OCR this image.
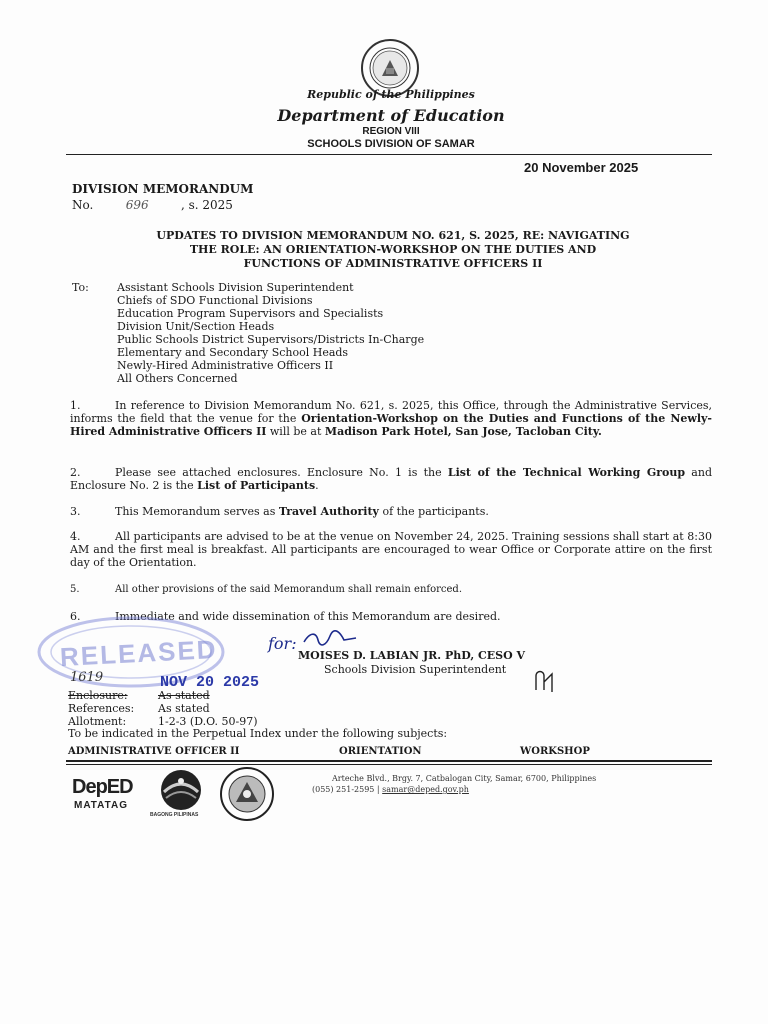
Republic of the Philippines
Department of Education
REGION VIII
SCHOOLS DIVISION OF SAMAR
20 November 2025
DIVISION MEMORANDUM
No.	696	, s. 2025
UPDATES TO DIVISION MEMORANDUM NO. 621, S. 2025, RE: NAVIGATING
THE ROLE: AN ORIENTATION-WORKSHOP ON THE DUTIES AND
FUNCTIONS OF ADMINISTRATIVE OFFICERS II
To:	Assistant Schools Division Superintendent
Chiefs of SDO Functional Divisions
Education Program Supervisors and Specialists
Division Unit/Section Heads
Public Schools District Supervisors/Districts In-Charge
Elementary and Secondary School Heads
Newly-Hired Administrative Officers II
All Others Concerned
1.	In reference to Division Memorandum No. 621, s. 2025, this Office, through the Administrative Services, informs the field that the venue for the Orientation-Workshop on the Duties and Functions of the Newly-Hired Administrative Officers II will be at Madison Park Hotel, San Jose, Tacloban City.
2.	Please see attached enclosures. Enclosure No. 1 is the List of the Technical Working Group and Enclosure No. 2 is the List of Participants.
3.	This Memorandum serves as Travel Authority of the participants.
4.	All participants are advised to be at the venue on November 24, 2025. Training sessions shall start at 8:30 AM and the first meal is breakfast. All participants are encouraged to wear Office or Corporate attire on the first day of the Orientation.
5.	All other provisions of the said Memorandum shall remain enforced.
6.	Immediate and wide dissemination of this Memorandum are desired.
RELEASED
NOV 20 2025
1619
for:
MOISES D. LABIAN JR. PhD, CESO V
Schools Division Superintendent
Enclosure:	As stated
References: As stated
Allotment:	1-2-3 (D.O. 50-97)
To be indicated in the Perpetual Index under the following subjects:
ADMINISTRATIVE OFFICER II	ORIENTATION	WORKSHOP
DepED
MATATAG
BAGONG PILIPINAS
Arteche Blvd., Brgy. 7, Catbalogan City, Samar, 6700, Philippines
(055) 251-2595 | samar@deped.gov.ph
